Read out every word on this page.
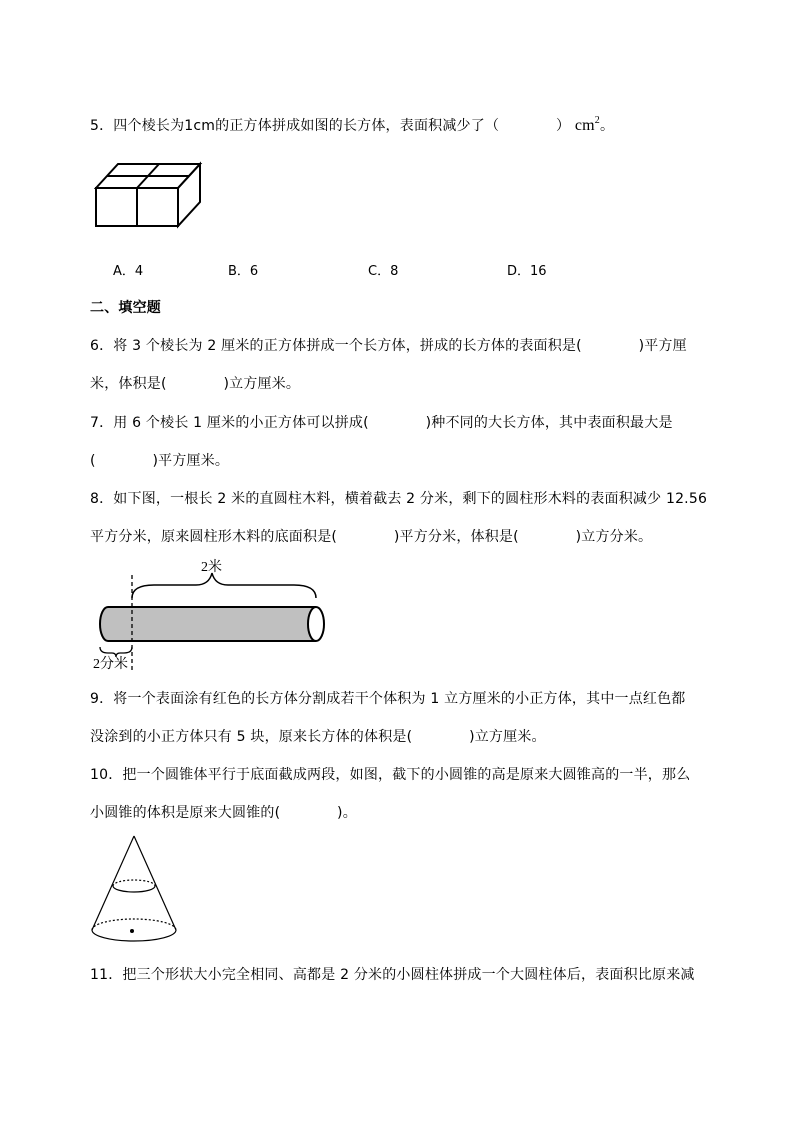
5．四个棱长为1cm的正方体拼成如图的长方体，表面积减少了（　　　　） $cm^2$。
A．4	B．6	C．8	D．16
二、填空题
6．将 3 个棱长为 2 厘米的正方体拼成一个长方体，拼成的长方体的表面积是(　　　　)平方厘
米，体积是(　　　　)立方厘米。
7．用 6 个棱长 1 厘米的小正方体可以拼成(　　　　)种不同的大长方体，其中表面积最大是
(　　　　)平方厘米。
8．如下图，一根长 2 米的直圆柱木料，横着截去 2 分米，剩下的圆柱形木料的表面积减少 12.56
平方分米，原来圆柱形木料的底面积是(　　　　)平方分米，体积是(　　　　)立方分米。
2米
2分米
9．将一个表面涂有红色的长方体分割成若干个体积为 1 立方厘米的小正方体，其中一点红色都
没涂到的小正方体只有 5 块，原来长方体的体积是(　　　　)立方厘米。
10．把一个圆锥体平行于底面截成两段，如图，截下的小圆锥的高是原来大圆锥高的一半，那么
小圆锥的体积是原来大圆锥的(　　　　)。
11．把三个形状大小完全相同、高都是 2 分米的小圆柱体拼成一个大圆柱体后，表面积比原来减
